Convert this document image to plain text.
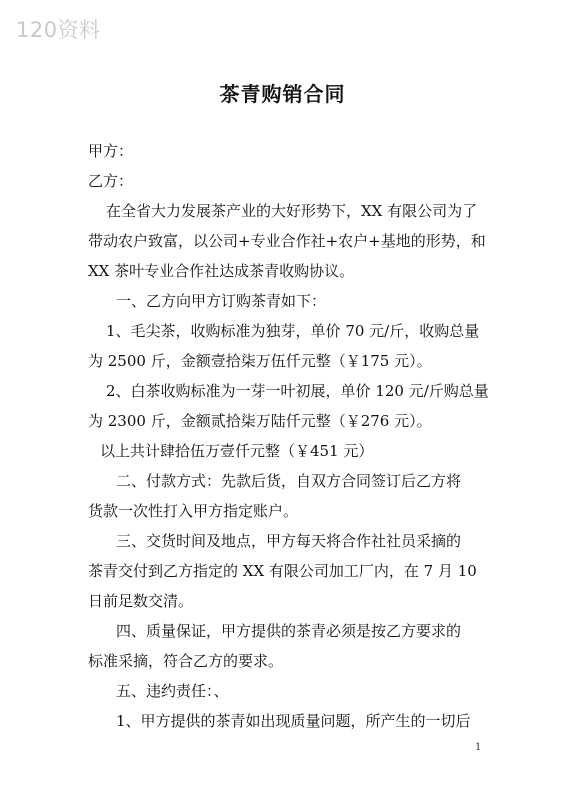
120资料
茶青购销合同
甲方：
乙方：
在全省大力发展茶产业的大好形势下，XX 有限公司为了
带动农户致富，以公司+专业合作社+农户+基地的形势，和
XX 茶叶专业合作社达成茶青收购协议。
一、乙方向甲方订购茶青如下：
1、毛尖茶，收购标准为独芽，单价 70 元/斤，收购总量
为 2500 斤，金额壹拾柒万伍仟元整（￥175 元）。
2、白茶收购标准为一芽一叶初展，单价 120 元/斤购总量
为 2300 斤，金额贰拾柒万陆仟元整（￥276 元）。
以上共计肆拾伍万壹仟元整（￥451 元）
二、付款方式：先款后货，自双方合同签订后乙方将
货款一次性打入甲方指定账户。
三、交货时间及地点，甲方每天将合作社社员采摘的
茶青交付到乙方指定的 XX 有限公司加工厂内，在 7 月 10
日前足数交清。
四、质量保证，甲方提供的茶青必须是按乙方要求的
标准采摘，符合乙方的要求。
五、违约责任：、
1、甲方提供的茶青如出现质量问题，所产生的一切后
1
